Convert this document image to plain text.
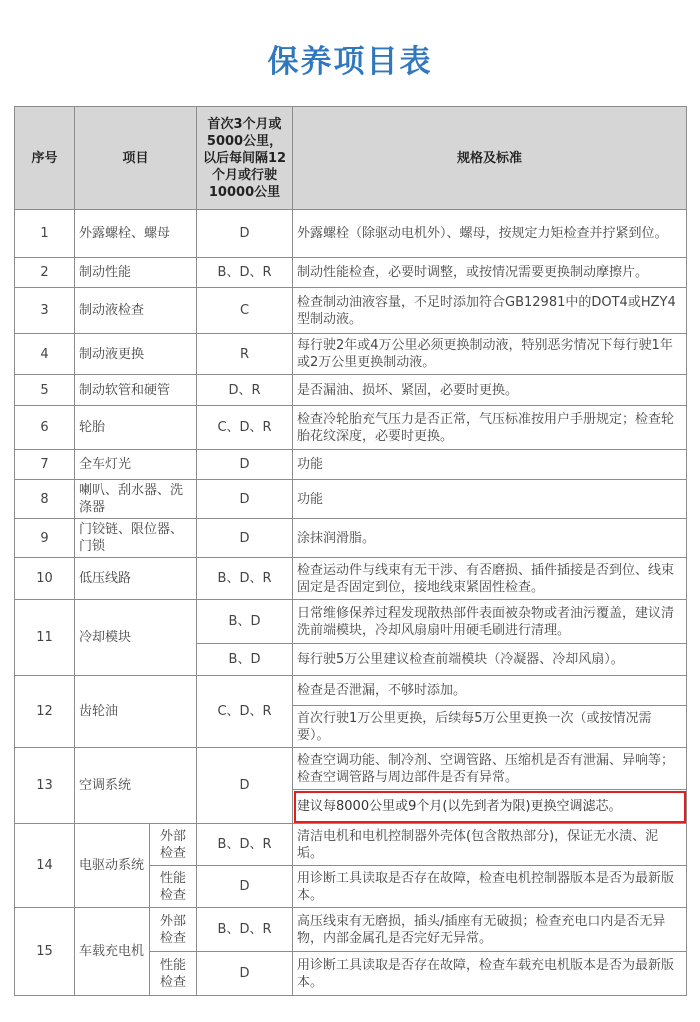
保养项目表
序号	项目		首次3个月或5000公里，以后每间隔12个月或行驶10000公里	规格及标准
1	外露螺栓、螺母		D	外露螺栓（除驱动电机外）、螺母，按规定力矩检查并拧紧到位。
2	制动性能		B、D、R	制动性能检查，必要时调整，或按情况需要更换制动摩擦片。
3	制动液检查		C	检查制动油液容量，不足时添加符合GB12981中的DOT4或HZY4型制动液。
4	制动液更换		R	每行驶2年或4万公里必须更换制动液，特别恶劣情况下每行驶1年或2万公里更换制动液。
5	制动软管和硬管		D、R	是否漏油、损坏、紧固，必要时更换。
6	轮胎		C、D、R	检查冷轮胎充气压力是否正常，气压标准按用户手册规定；检查轮胎花纹深度，必要时更换。
7	全车灯光		D	功能
8	喇叭、刮水器、洗涤器		D	功能
9	门铰链、限位器、门锁		D	涂抹润滑脂。
10	低压线路		B、D、R	检查运动件与线束有无干涉、有否磨损、插件插接是否到位、线束固定是否固定到位，接地线束紧固性检查。
11	冷却模块		B、D	日常维修保养过程发现散热部件表面被杂物或者油污覆盖，建议清洗前端模块，冷却风扇扇叶用硬毛刷进行清理。
			B、D	每行驶5万公里建议检查前端模块（冷凝器、冷却风扇）。
12	齿轮油		C、D、R	检查是否泄漏，不够时添加。
				首次行驶1万公里更换，后续每5万公里更换一次（或按情况需要）。
13	空调系统		D	检查空调功能、制冷剂、空调管路、压缩机是否有泄漏、异响等；检查空调管路与周边部件是否有异常。
				建议每8000公里或9个月(以先到者为限)更换空调滤芯。
14	电驱动系统	外部检查	B、D、R	清洁电机和电机控制器外壳体(包含散热部分)，保证无水渍、泥垢。
		性能检查	D	用诊断工具读取是否存在故障，检查电机控制器版本是否为最新版本。
15	车载充电机	外部检查	B、D、R	高压线束有无磨损，插头/插座有无破损；检查充电口内是否无异物，内部金属孔是否完好无异常。
		性能检查	D	用诊断工具读取是否存在故障，检查车载充电机版本是否为最新版本。
